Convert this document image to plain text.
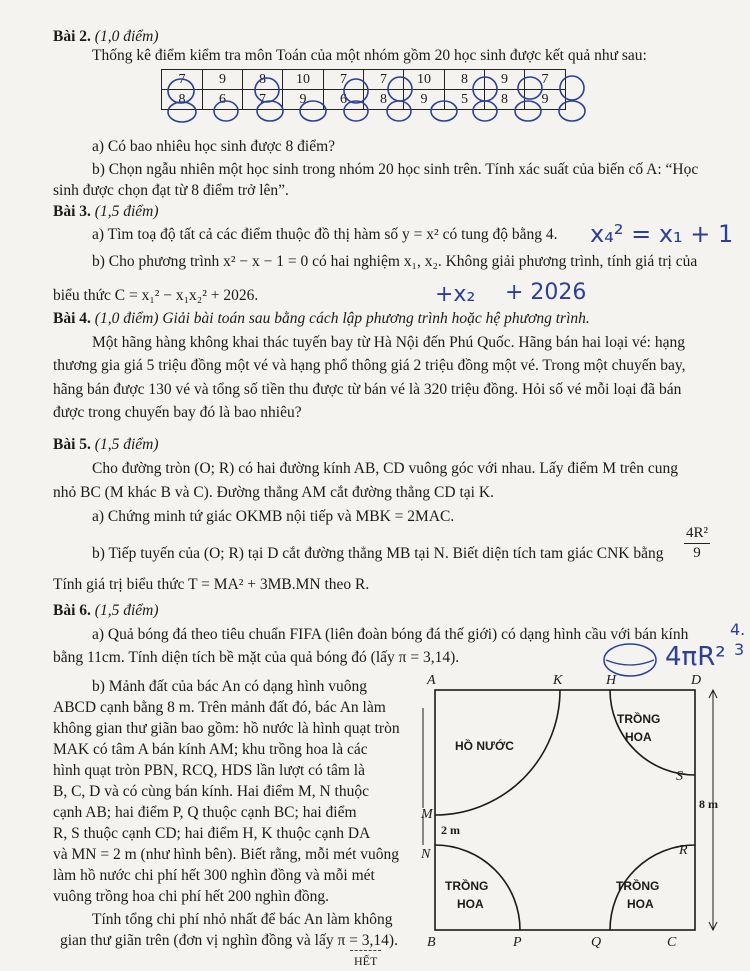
Bài 2. (1,0 điểm)
Thống kê điểm kiểm tra môn Toán của một nhóm gồm 20 học sinh được kết quả như sau:
7	9	8	10	7	7	10	8	9	7
8	6	7	9	6	8	9	5	8	9
a) Có bao nhiêu học sinh được 8 điểm?
b) Chọn ngẫu nhiên một học sinh trong nhóm 20 học sinh trên. Tính xác suất của biến cố A: “Học
sinh được chọn đạt từ 8 điểm trở lên”.
Bài 3. (1,5 điểm)
a) Tìm toạ độ tất cả các điểm thuộc đồ thị hàm số y = x² có tung độ bằng 4.
b) Cho phương trình x² − x − 1 = 0 có hai nghiệm x₁, x₂. Không giải phương trình, tính giá trị của
biểu thức C = x₁² − x₁x₂² + 2026.
x₄² = x₁ + 1
+x₂ + 2026
Bài 4. (1,0 điểm) Giải bài toán sau bằng cách lập phương trình hoặc hệ phương trình.
Một hãng hàng không khai thác tuyến bay từ Hà Nội đến Phú Quốc. Hãng bán hai loại vé: hạng
thương gia giá 5 triệu đồng một vé và hạng phổ thông giá 2 triệu đồng một vé. Trong một chuyến bay,
hãng bán được 130 vé và tổng số tiền thu được từ bán vé là 320 triệu đồng. Hỏi số vé mỗi loại đã bán
được trong chuyến bay đó là bao nhiêu?
Bài 5. (1,5 điểm)
Cho đường tròn (O; R) có hai đường kính AB, CD vuông góc với nhau. Lấy điểm M trên cung
nhỏ BC (M khác B và C). Đường thẳng AM cắt đường thẳng CD tại K.
a) Chứng minh tứ giác OKMB nội tiếp và MBK = 2MAC.
b) Tiếp tuyến của (O; R) tại D cắt đường thẳng MB tại N. Biết diện tích tam giác CNK bằng $\frac{\text{4R²}}{9}$
Tính giá trị biểu thức T = MA² + 3MB.MN theo R.
Bài 6. (1,5 điểm)
a) Quả bóng đá theo tiêu chuẩn FIFA (liên đoàn bóng đá thế giới) có dạng hình cầu với bán kính
bằng 11cm. Tính diện tích bề mặt của quả bóng đó (lấy π = 3,14).	4πR²
4.
3
b) Mảnh đất của bác An có dạng hình vuông
ABCD cạnh bằng 8 m. Trên mảnh đất đó, bác An làm
không gian thư giãn bao gồm: hồ nước là hình quạt tròn
MAK có tâm A bán kính AM; khu trồng hoa là các
hình quạt tròn PBN, RCQ, HDS lần lượt có tâm là
B, C, D và có cùng bán kính. Hai điểm M, N thuộc
cạnh AB; hai điểm P, Q thuộc cạnh BC; hai điểm
R, S thuộc cạnh CD; hai điểm H, K thuộc cạnh DA
và MN = 2 m (như hình bên). Biết rằng, mỗi mét vuông
làm hồ nước chi phí hết 300 nghìn đồng và mỗi mét
vuông trồng hoa chi phí hết 200 nghìn đồng.
Tính tổng chi phí nhỏ nhất để bác An làm không
gian thư giãn trên (đơn vị nghìn đồng và lấy π = 3,14).
A	K	H	D
S
M
N	R
B	P	Q	C
HỒ NƯỚC
TRỒNG
HOA
TRỒNG
HOA
TRỒNG
HOA
8 m
2 m
HẾT
